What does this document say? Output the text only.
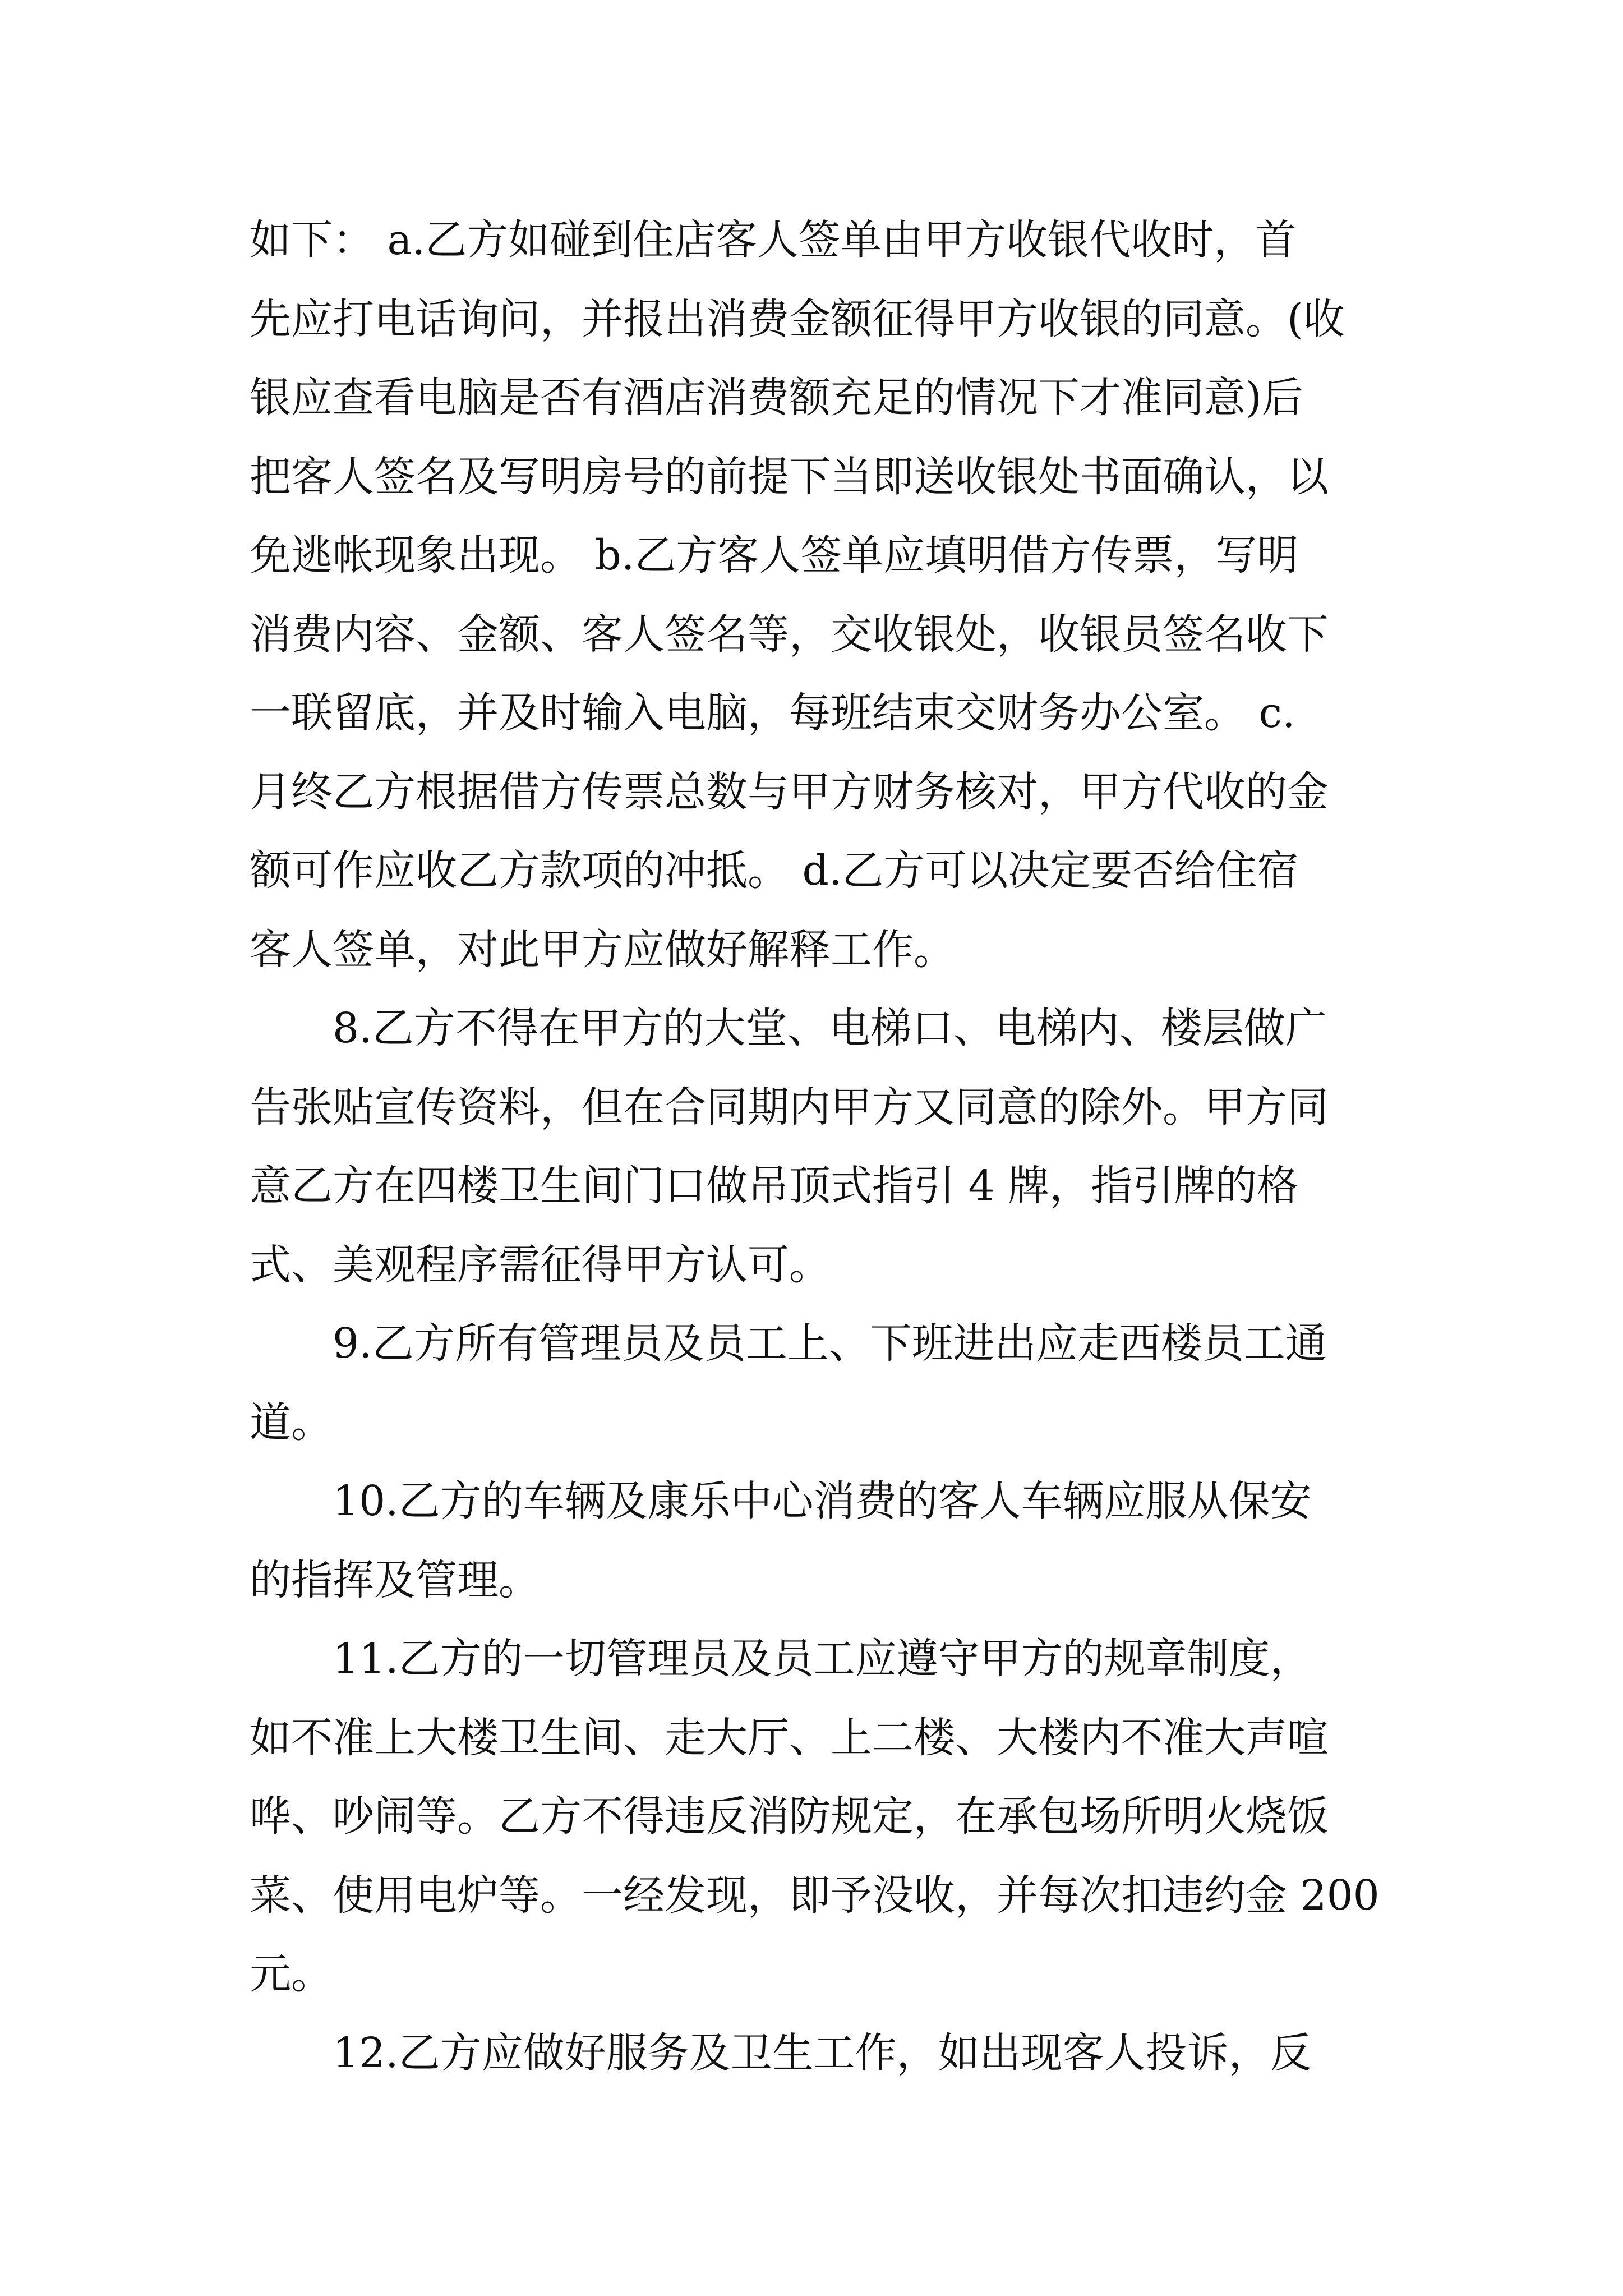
如下： a.乙方如碰到住店客人签单由甲方收银代收时，首
先应打电话询问，并报出消费金额征得甲方收银的同意。(收
银应查看电脑是否有酒店消费额充足的情况下才准同意)后
把客人签名及写明房号的前提下当即送收银处书面确认，以
免逃帐现象出现。 b.乙方客人签单应填明借方传票，写明
消费内容、金额、客人签名等，交收银处，收银员签名收下
一联留底，并及时输入电脑，每班结束交财务办公室。 c.
月终乙方根据借方传票总数与甲方财务核对，甲方代收的金
额可作应收乙方款项的冲抵。 d.乙方可以决定要否给住宿
客人签单，对此甲方应做好解释工作。
8.乙方不得在甲方的大堂、电梯口、电梯内、楼层做广
告张贴宣传资料，但在合同期内甲方又同意的除外。甲方同
意乙方在四楼卫生间门口做吊顶式指引 4 牌，指引牌的格
式、美观程序需征得甲方认可。
9.乙方所有管理员及员工上、下班进出应走西楼员工通
道。
10.乙方的车辆及康乐中心消费的客人车辆应服从保安
的指挥及管理。
11.乙方的一切管理员及员工应遵守甲方的规章制度，
如不准上大楼卫生间、走大厅、上二楼、大楼内不准大声喧
哗、吵闹等。乙方不得违反消防规定，在承包场所明火烧饭
菜、使用电炉等。一经发现，即予没收，并每次扣违约金 200
元。
12.乙方应做好服务及卫生工作，如出现客人投诉，反
